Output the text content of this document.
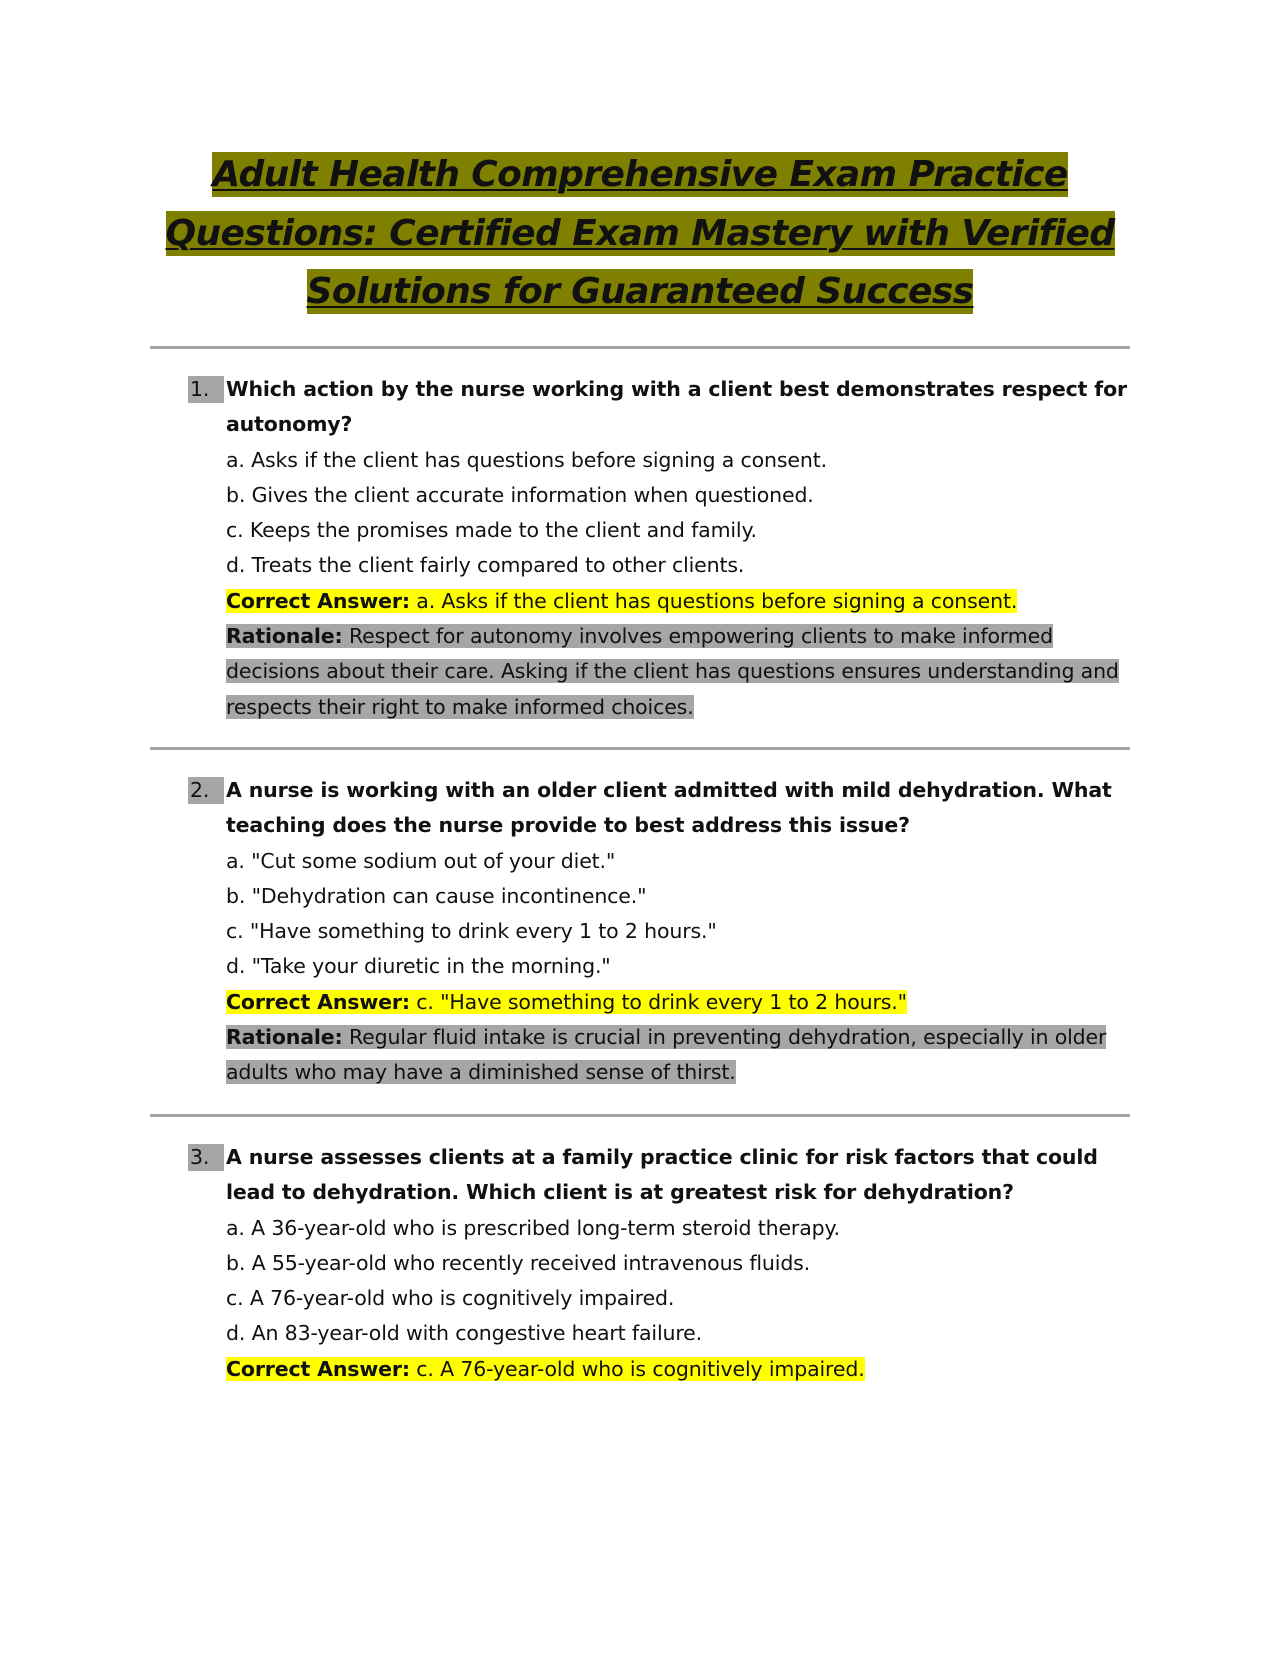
Adult Health Comprehensive Exam Practice
Questions: Certified Exam Mastery with Verified
Solutions for Guaranteed Success
1. Which action by the nurse working with a client best demonstrates respect for autonomy?
a. Asks if the client has questions before signing a consent.
b. Gives the client accurate information when questioned.
c. Keeps the promises made to the client and family.
d. Treats the client fairly compared to other clients.
Correct Answer: a. Asks if the client has questions before signing a consent.
Rationale: Respect for autonomy involves empowering clients to make informed decisions about their care. Asking if the client has questions ensures understanding and respects their right to make informed choices.
2. A nurse is working with an older client admitted with mild dehydration. What teaching does the nurse provide to best address this issue?
a. "Cut some sodium out of your diet."
b. "Dehydration can cause incontinence."
c. "Have something to drink every 1 to 2 hours."
d. "Take your diuretic in the morning."
Correct Answer: c. "Have something to drink every 1 to 2 hours."
Rationale: Regular fluid intake is crucial in preventing dehydration, especially in older adults who may have a diminished sense of thirst.
3. A nurse assesses clients at a family practice clinic for risk factors that could lead to dehydration. Which client is at greatest risk for dehydration?
a. A 36-year-old who is prescribed long-term steroid therapy.
b. A 55-year-old who recently received intravenous fluids.
c. A 76-year-old who is cognitively impaired.
d. An 83-year-old with congestive heart failure.
Correct Answer: c. A 76-year-old who is cognitively impaired.
